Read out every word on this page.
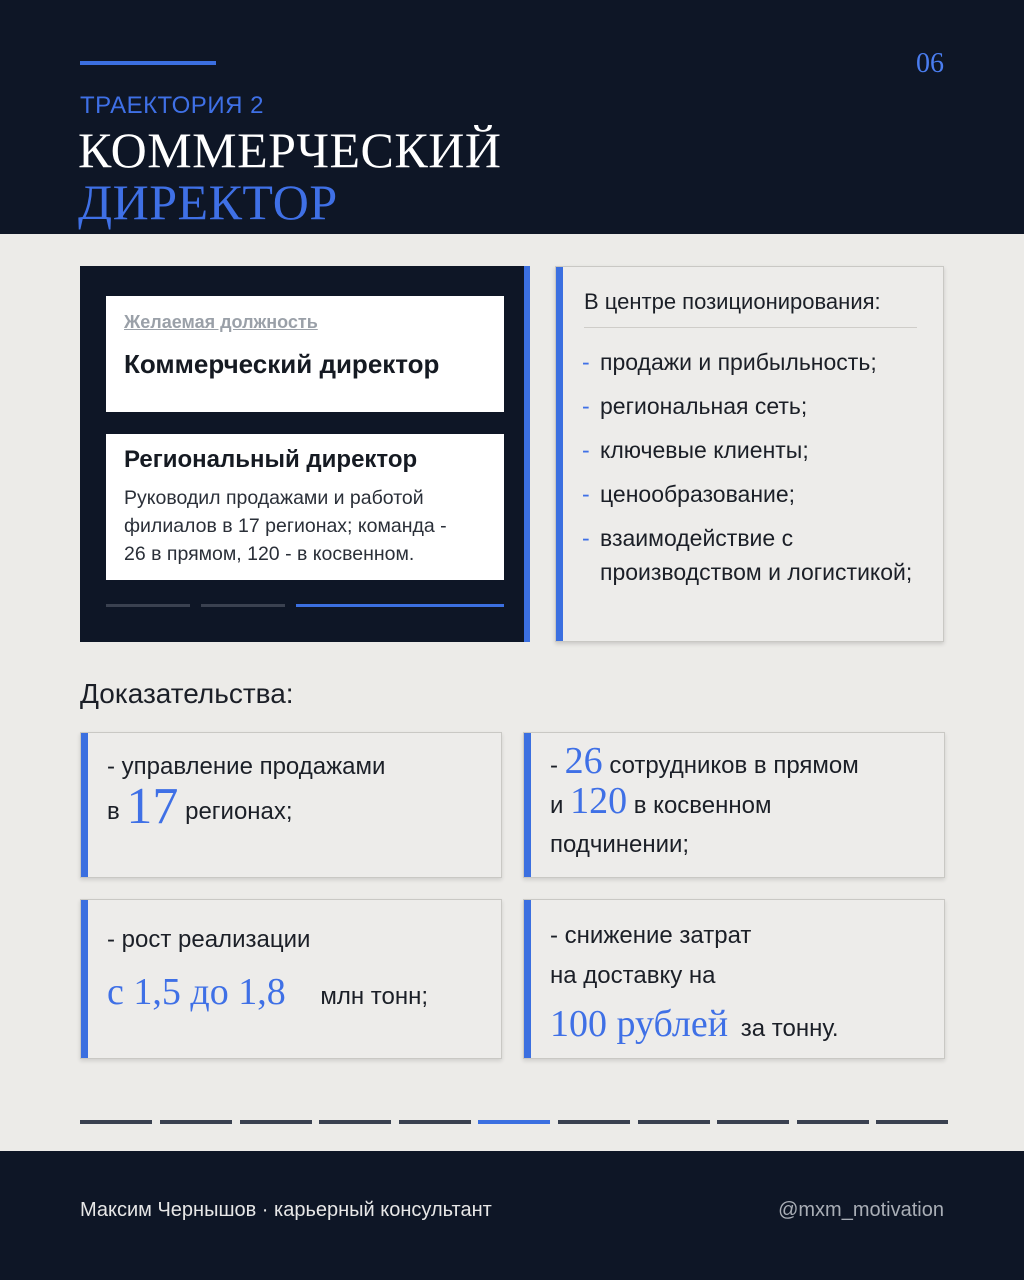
06
ТРАЕКТОРИЯ 2
КОММЕРЧЕСКИЙ
ДИРЕКТОР
Желаемая должность
Коммерческий директор
Региональный директор
Руководил продажами и работой
филиалов в 17 регионах; команда -
26 в прямом, 120 - в косвенном.
В центре позиционирования:
- продажи и прибыльность;
- региональная сеть;
- ключевые клиенты;
- ценообразование;
- взаимодействие с производством и логистикой;
Доказательства:
- управление продажами
в 17 регионах;
- 26 сотрудников в прямом
и 120 в косвенном
подчинении;
- рост реализации
с 1,5 до 1,8 млн тонн;
- снижение затрат
на доставку на
100 рублей за тонну.
Максим Чернышов · карьерный консультант	@mxm_motivation
